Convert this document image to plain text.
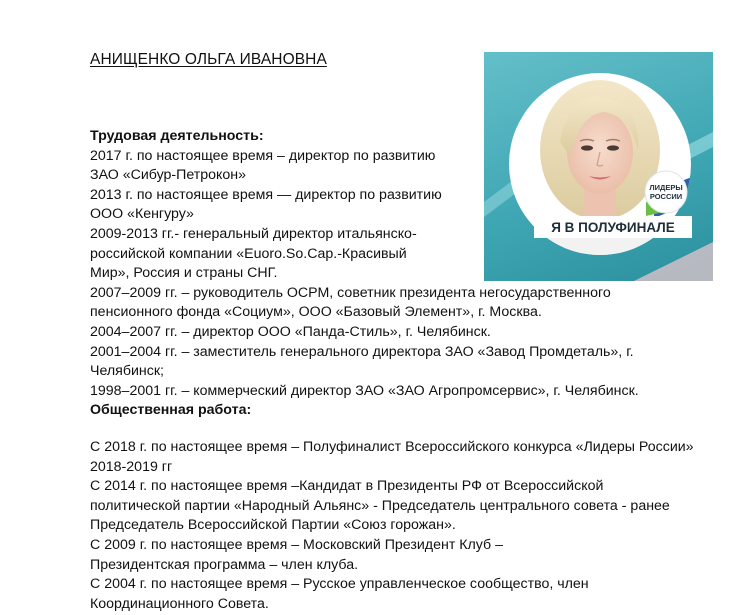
АНИЩЕНКО ОЛЬГА ИВАНОВНА
ЛИДЕРЫ
РОССИИ
Я В ПОЛУФИНАЛЕ
Трудовая деятельность:
2017 г. по настоящее время – директор по развитию
ЗАО «Сибур-Петрокон»
2013 г. по настоящее время — директор по развитию
ООО «Кенгуру»
2009-2013 гг.- генеральный директор итальянско-
российской компании «Euoro.So.Cap.-Красивый
Мир», Россия и страны СНГ.
2007–2009 гг. – руководитель ОСРМ, советник президента негосударственного
пенсионного фонда «Социум», ООО «Базовый Элемент», г. Москва.
2004–2007 гг. – директор ООО «Панда-Стиль», г. Челябинск.
2001–2004 гг. – заместитель генерального директора ЗАО «Завод Промдеталь», г.
Челябинск;
1998–2001 гг. – коммерческий директор ЗАО «ЗАО Агропромсервис», г. Челябинск.
Общественная работа:
С 2018 г. по настоящее время – Полуфиналист Всероссийского конкурса «Лидеры России»
2018-2019 гг
С 2014 г. по настоящее время –Кандидат в Президенты РФ от Всероссийской
политической партии «Народный Альянс» - Председатель центрального совета - ранее
Председатель Всероссийской Партии «Союз горожан».
С 2009 г. по настоящее время – Московский Президент Клуб –
Президентская программа – член клуба.
С 2004 г. по настоящее время – Русское управленческое сообщество, член
Координационного Совета.
